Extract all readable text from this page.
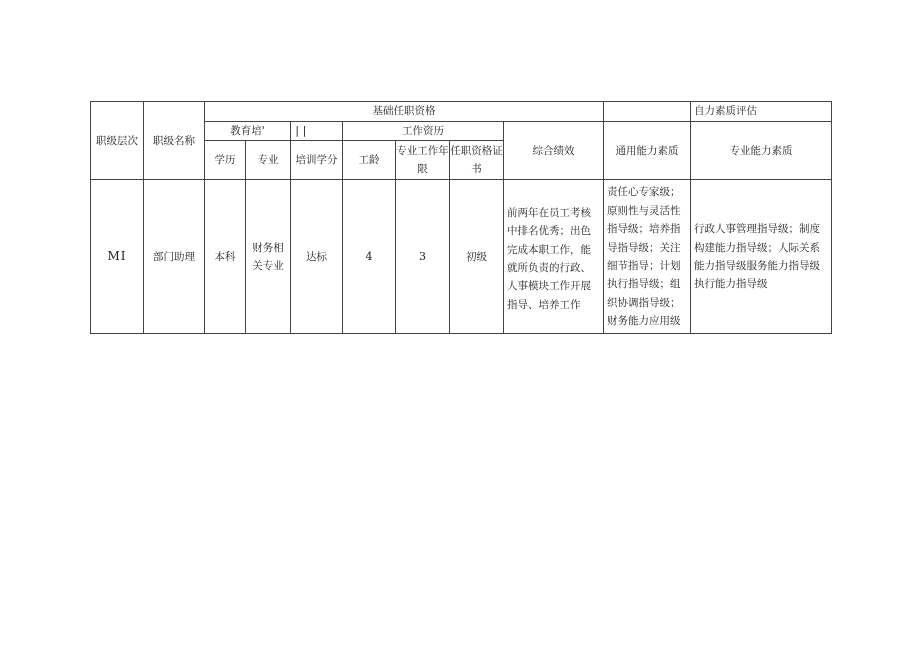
职级层次	职级名称	基础任职资格								自力素质评估
		教育培'		||	工作资历			综合绩效	通用能力素质	专业能力素质
		学历	专业	培训学分	工龄	专业工作年限	任职资格证书			
MI	部门助理	本科	财务相关专业	达标	4	3	初级	前两年在员工考核中排名优秀；出色完成本职工作，能就所负责的行政、人事模块工作开展指导、培养工作	责任心专家级；原则性与灵活性指导级；培养指导指导级；关注细节指导；计划执行指导级；组织协调指导级；财务能力应用级	行政人事管理指导级；制度构建能力指导级；人际关系能力指导级服务能力指导级执行能力指导级
